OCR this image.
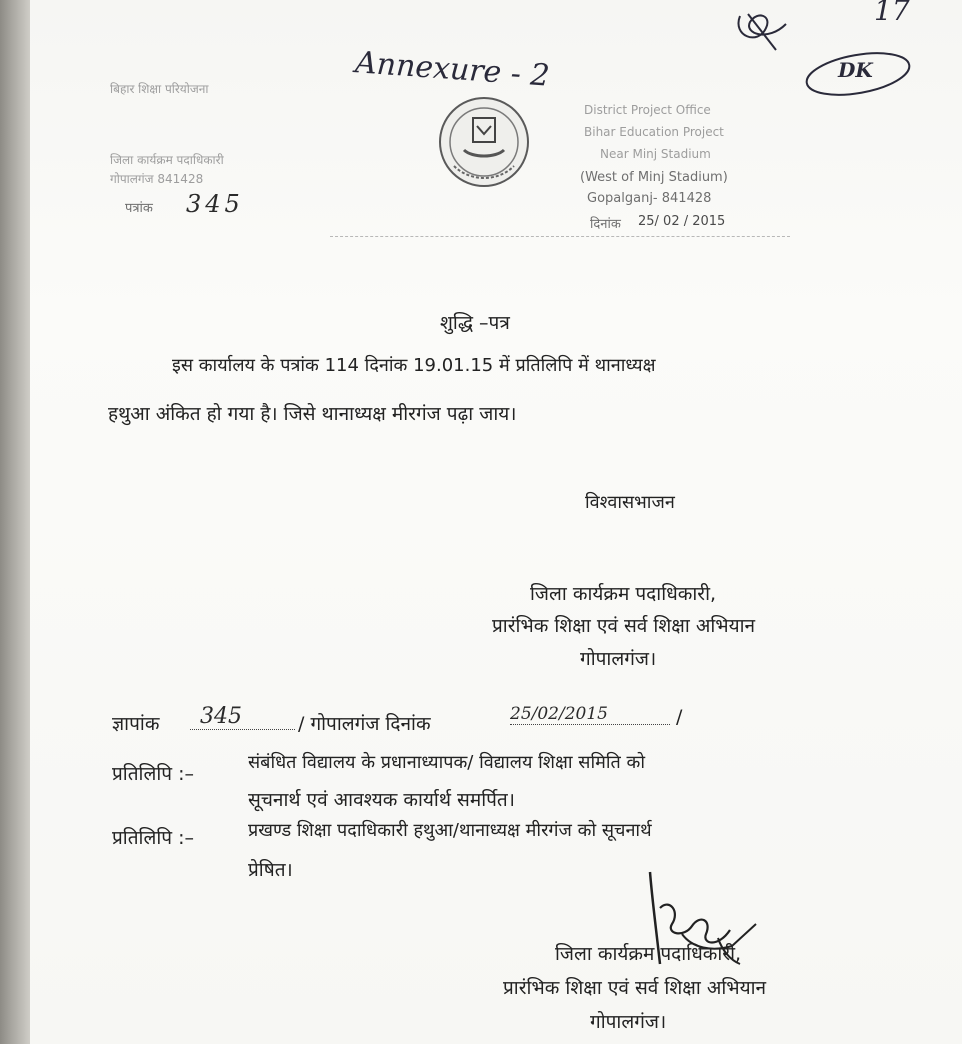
Annexure - 2
17
DK
बिहार शिक्षा परियोजना
जिला कार्यक्रम पदाधिकारी
गोपालगंज 841428
पत्रांक 345
District Project Office
Bihar Education Project
Near Minj Stadium
(West of Minj Stadium)
Gopalganj- 841428
दिनांक 25/ 02 / 2015
शुद्धि –पत्र
इस कार्यालय के पत्रांक 114 दिनांक 19.01.15 में प्रतिलिपि में थानाध्यक्ष
हथुआ अंकित हो गया है। जिसे थानाध्यक्ष मीरगंज पढ़ा जाय।
विश्वासभाजन
जिला कार्यक्रम पदाधिकारी,
प्रारंभिक शिक्षा एवं सर्व शिक्षा अभियान
गोपालगंज।
ज्ञापांक	345	/ गोपालगंज दिनांक	25/02/2015	/
प्रतिलिपि :–
संबंधित विद्यालय के प्रधानाध्यापक/ विद्यालय शिक्षा समिति को
सूचनार्थ एवं आवश्यक कार्यार्थ समर्पित।
प्रतिलिपि :–	प्रखण्ड शिक्षा पदाधिकारी हथुआ/थानाध्यक्ष मीरगंज को सूचनार्थ
प्रेषित।
जिला कार्यक्रम पदाधिकारी,
प्रारंभिक शिक्षा एवं सर्व शिक्षा अभियान
गोपालगंज।
